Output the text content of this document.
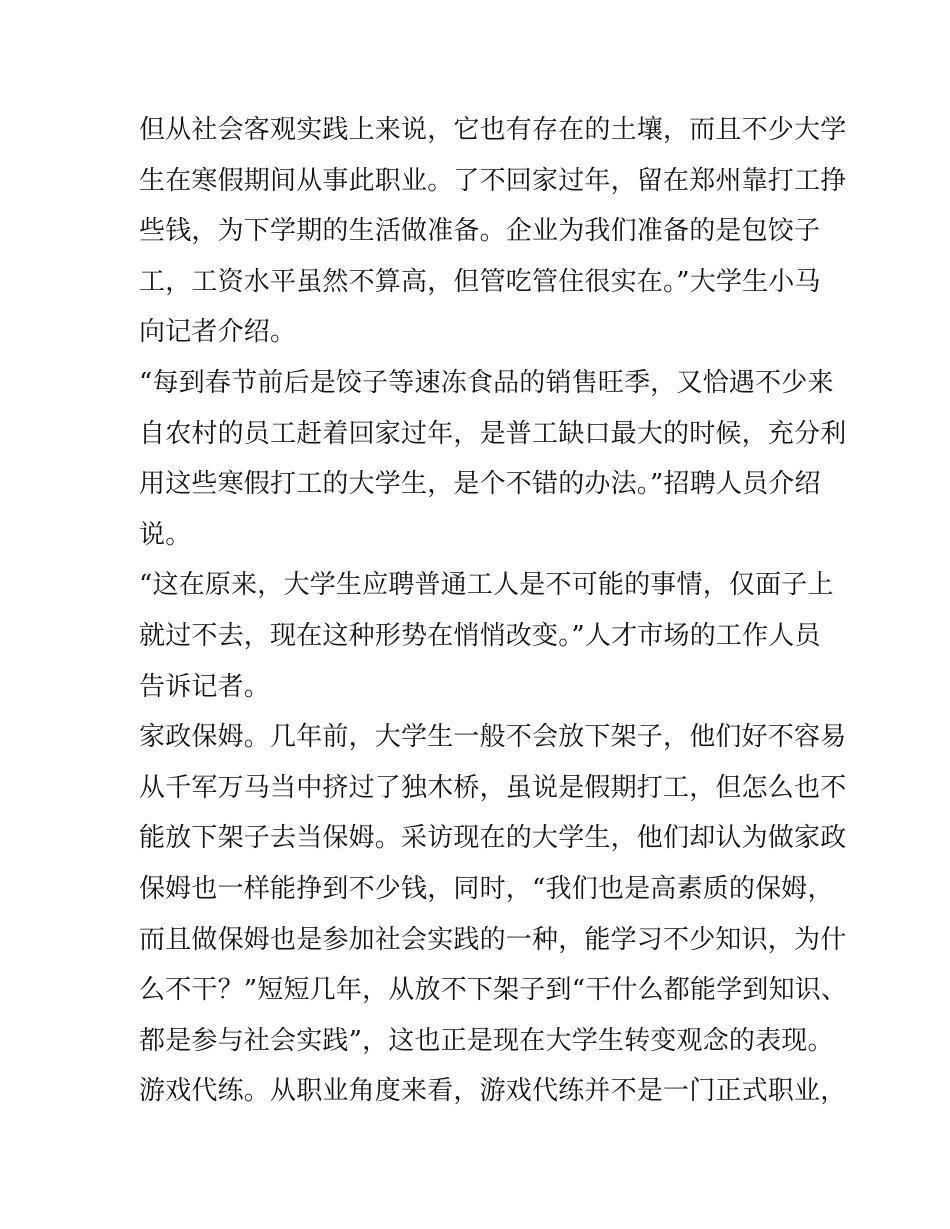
但从社会客观实践上来说，它也有存在的土壤，而且不少大学
生在寒假期间从事此职业。了不回家过年，留在郑州靠打工挣
些钱，为下学期的生活做准备。企业为我们准备的是包饺子
工，工资水平虽然不算高，但管吃管住很实在。”大学生小马
向记者介绍。
“每到春节前后是饺子等速冻食品的销售旺季，又恰遇不少来
自农村的员工赶着回家过年，是普工缺口最大的时候，充分利
用这些寒假打工的大学生，是个不错的办法。”招聘人员介绍
说。
“这在原来，大学生应聘普通工人是不可能的事情，仅面子上
就过不去，现在这种形势在悄悄改变。”人才市场的工作人员
告诉记者。
家政保姆。几年前，大学生一般不会放下架子，他们好不容易
从千军万马当中挤过了独木桥，虽说是假期打工，但怎么也不
能放下架子去当保姆。采访现在的大学生，他们却认为做家政
保姆也一样能挣到不少钱，同时，“我们也是高素质的保姆，
而且做保姆也是参加社会实践的一种，能学习不少知识，为什
么不干？”短短几年，从放不下架子到“干什么都能学到知识、
都是参与社会实践”，这也正是现在大学生转变观念的表现。
游戏代练。从职业角度来看，游戏代练并不是一门正式职业，
